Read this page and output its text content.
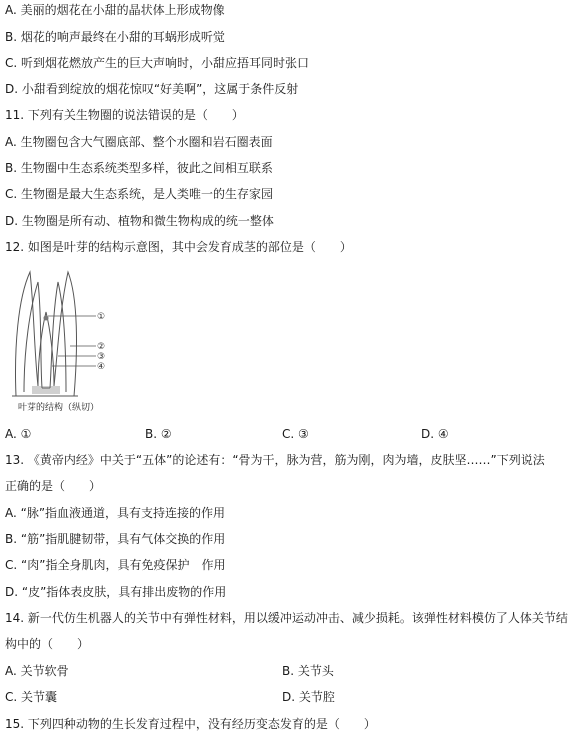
A. 美丽的烟花在小甜的晶状体上形成物像
B. 烟花的响声最终在小甜的耳蜗形成听觉
C. 听到烟花燃放产生的巨大声响时，小甜应捂耳同时张口
D. 小甜看到绽放的烟花惊叹“好美啊”，这属于条件反射
11. 下列有关生物圈的说法错误的是（　　）
A. 生物圈包含大气圈底部、整个水圈和岩石圈表面
B. 生物圈中生态系统类型多样，彼此之间相互联系
C. 生物圈是最大生态系统，是人类唯一的生存家园
D. 生物圈是所有动、植物和微生物构成的统一整体
12. 如图是叶芽的结构示意图，其中会发育成茎的部位是（　　）
①
②
③
④
叶芽的结构（纵切）
A. ①	B. ②	C. ③	D. ④
13. 《黄帝内经》中关于“五体”的论述有：“骨为干，脉为营，筋为刚，肉为墙，皮肤坚……”下列说法
正确的是（　　）
A. “脉”指血液通道，具有支持连接的作用
B. “筋”指肌腱韧带，具有气体交换的作用
C. “肉”指全身肌肉，具有免疫保护　作用
D. “皮”指体表皮肤，具有排出废物的作用
14. 新一代仿生机器人的关节中有弹性材料，用以缓冲运动冲击、减少损耗。该弹性材料模仿了人体关节结
构中的（　　）
A. 关节软骨	B. 关节头
C. 关节囊	D. 关节腔
15. 下列四种动物的生长发育过程中，没有经历变态发育的是（　　）
